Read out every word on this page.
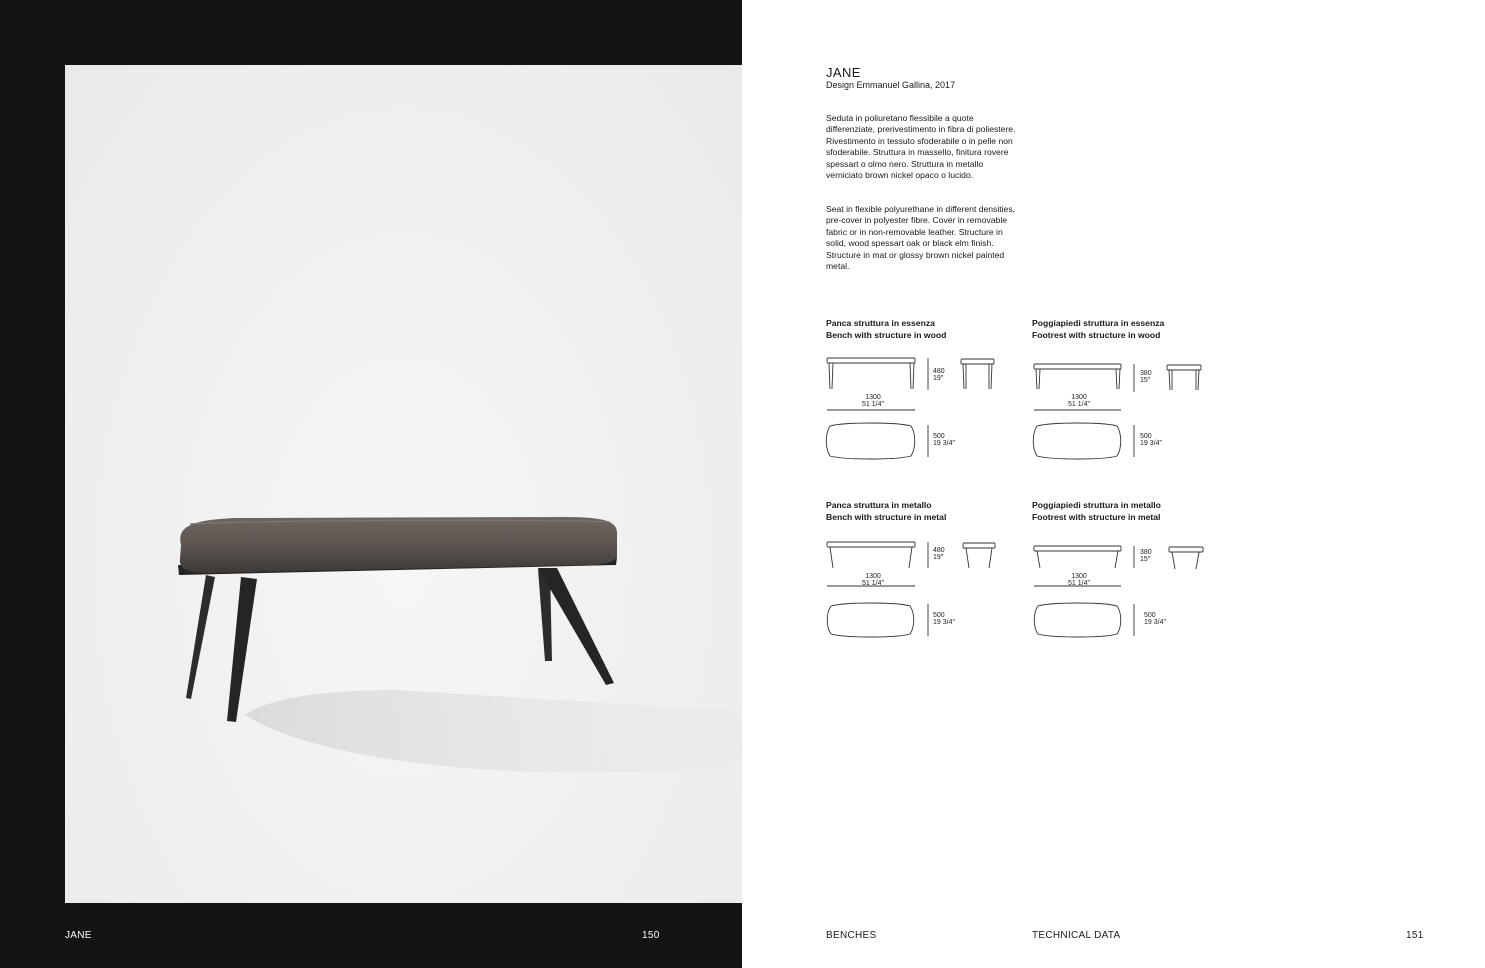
JANE	150
JANE
Design Emmanuel Gallina, 2017

Seduta in poliuretano flessibile a quote differenziate, prerivestimento in fibra di poliestere. Rivestimento in tessuto sfoderabile o in pelle non sfoderabile. Struttura in massello, finitura rovere spessart o olmo nero. Struttura in metallo verniciato brown nickel opaco o lucido.

Seat in flexible polyurethane in different densities, pre-cover in polyester fibre. Cover in removable fabric or in non-removable leather. Structure in solid, wood spessart oak or black elm finish. Structure in mat or glossy brown nickel painted metal.

Panca struttura in essenza
Bench with structure in wood
480
19"
1300
51 1/4"
500
19 3/4"
Poggiapiedi struttura in essenza
Footrest with structure in wood
380
15"
1300
51 1/4"
500
19 3/4"
Panca struttura in metallo
Bench with structure in metal
480
19"
1300
51 1/4"
500
19 3/4"
Poggiapiedi struttura in metallo
Footrest with structure in metal
380
15"
1300
51 1/4"
500
19 3/4"
BENCHES	TECHNICAL DATA	151
